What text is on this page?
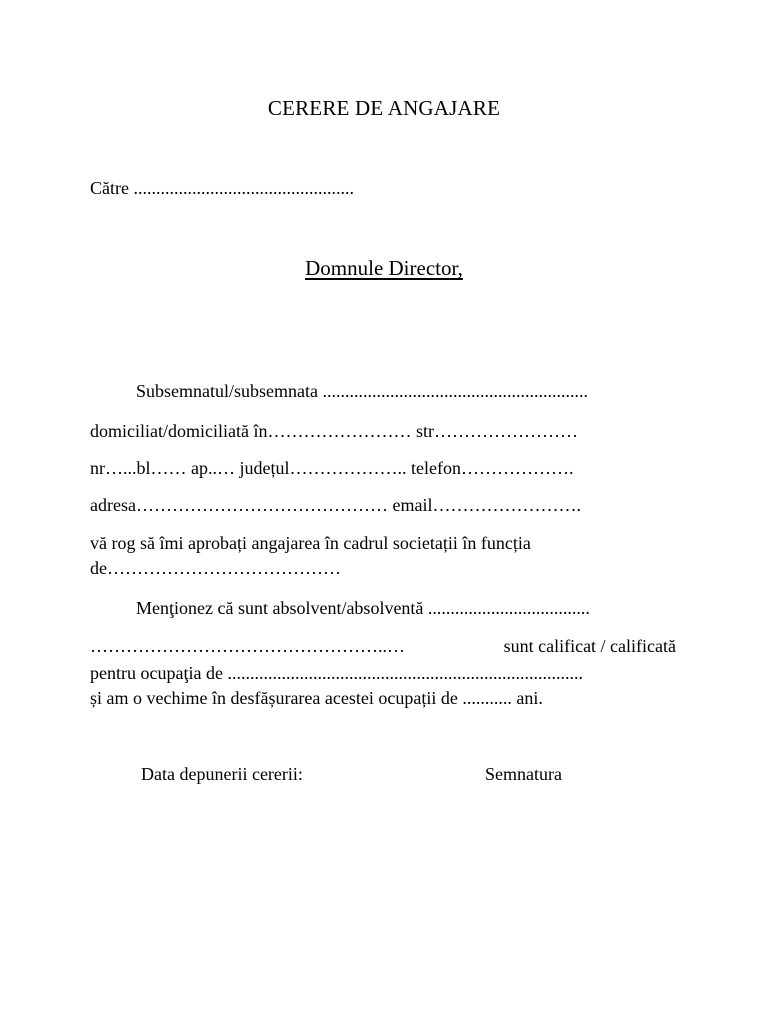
CERERE DE ANGAJARE
Către .................................................
Domnule Director,
Subsemnatul/subsemnata ...........................................................
domiciliat/domiciliată în…………………… str……………………
nr…...bl…… ap..… județul……………….. telefon……………….
adresa…………………………………… email…………………….
vă rog să îmi aprobați angajarea în cadrul societații în funcția
de…………………………………
Menţionez că sunt absolvent/absolventă ....................................
…………………………………………..…	sunt calificat / calificată
pentru ocupaţia de ...............................................................................
și am o vechime în desfășurarea acestei ocupații de ........... ani.
Data depunerii cererii:	Semnatura
